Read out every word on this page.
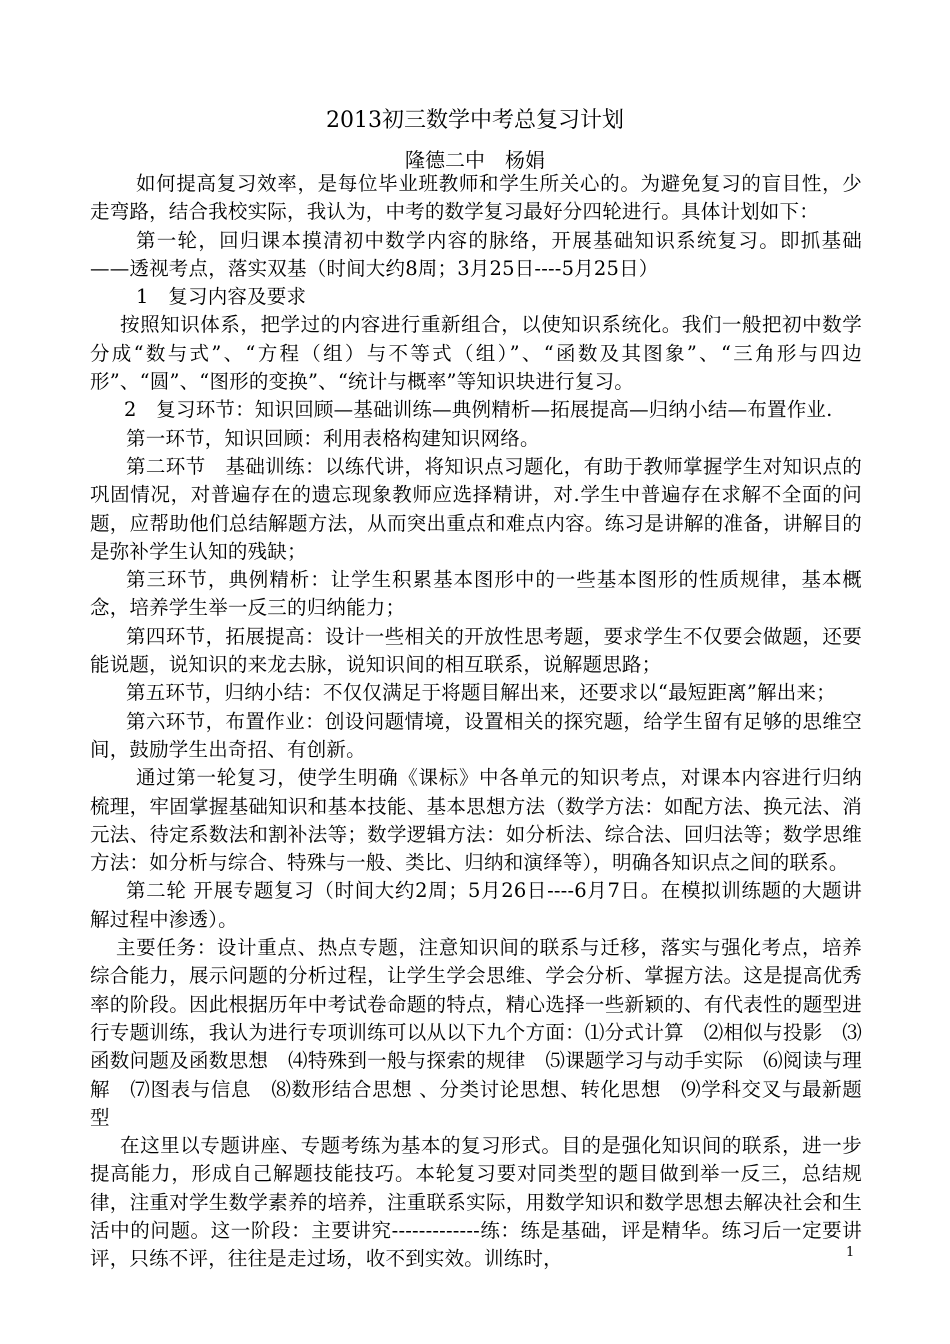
2013初三数学中考总复习计划
隆德二中　杨娟

如何提高复习效率，是每位毕业班教师和学生所关心的。为避免复习的盲目性，少走弯路，结合我校实际，我认为，中考的数学复习最好分四轮进行。具体计划如下：

第一轮，回归课本摸清初中数学内容的脉络，开展基础知识系统复习。即抓基础——透视考点，落实双基（时间大约8周；3月25日----5月25日）

1　复习内容及要求

按照知识体系，把学过的内容进行重新组合，以使知识系统化。我们一般把初中数学分成“数与式”、“方程（组）与不等式（组）”、“函数及其图象”、“三角形与四边形”、“圆”、“图形的变换”、“统计与概率”等知识块进行复习。

2　复习环节：知识回顾—基础训练—典例精析—拓展提高—归纳小结—布置作业.

第一环节，知识回顾：利用表格构建知识网络。

第二环节　基础训练：以练代讲，将知识点习题化，有助于教师掌握学生对知识点的巩固情况，对普遍存在的遗忘现象教师应选择精讲，对.学生中普遍存在求解不全面的问题，应帮助他们总结解题方法，从而突出重点和难点内容。练习是讲解的准备，讲解目的是弥补学生认知的残缺；

第三环节，典例精析：让学生积累基本图形中的一些基本图形的性质规律，基本概念，培养学生举一反三的归纳能力；

第四环节，拓展提高：设计一些相关的开放性思考题，要求学生不仅要会做题，还要能说题，说知识的来龙去脉，说知识间的相互联系，说解题思路；

第五环节，归纳小结：不仅仅满足于将题目解出来，还要求以“最短距离”解出来；

第六环节，布置作业：创设问题情境，设置相关的探究题，给学生留有足够的思维空间，鼓励学生出奇招、有创新。

通过第一轮复习，使学生明确《课标》中各单元的知识考点，对课本内容进行归纳梳理，牢固掌握基础知识和基本技能、基本思想方法（数学方法：如配方法、换元法、消元法、待定系数法和割补法等；数学逻辑方法：如分析法、综合法、回归法等；数学思维方法：如分析与综合、特殊与一般、类比、归纳和演绎等），明确各知识点之间的联系。

第二轮 开展专题复习（时间大约2周；5月26日----6月7日。在模拟训练题的大题讲解过程中渗透）。

主要任务：设计重点、热点专题，注意知识间的联系与迁移，落实与强化考点，培养综合能力，展示问题的分析过程，让学生学会思维、学会分析、掌握方法。这是提高优秀率的阶段。因此根据历年中考试卷命题的特点，精心选择一些新颖的、有代表性的题型进行专题训练，我认为进行专项训练可以从以下九个方面：⑴分式计算　⑵相似与投影　⑶函数问题及函数思想　⑷特殊到一般与探索的规律　⑸课题学习与动手实际　⑹阅读与理解　⑺图表与信息　⑻数形结合思想 、分类讨论思想、转化思想　⑼学科交叉与最新题型

在这里以专题讲座、专题考练为基本的复习形式。目的是强化知识间的联系，进一步提高能力，形成自己解题技能技巧。本轮复习要对同类型的题目做到举一反三，总结规律，注重对学生数学素养的培养，注重联系实际，用数学知识和数学思想去解决社会和生活中的问题。这一阶段：主要讲究-------------练：练是基础，评是精华。练习后一定要讲评，只练不评，往往是走过场，收不到实效。训练时，	1
